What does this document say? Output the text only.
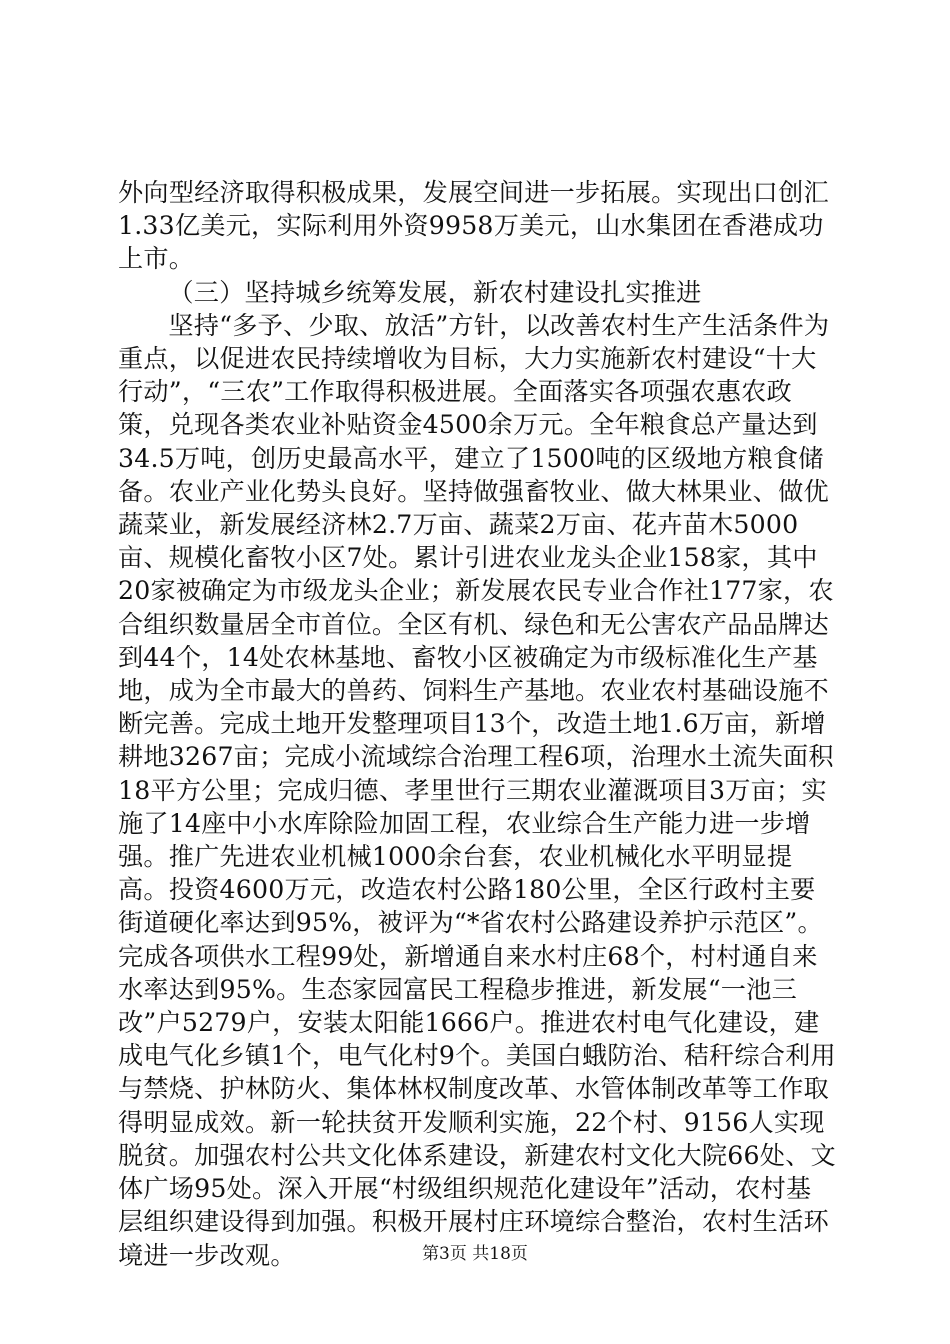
外向型经济取得积极成果，发展空间进一步拓展。实现出口创汇1.33亿美元，实际利用外资9958万美元，山水集团在香港成功上市。

（三）坚持城乡统筹发展，新农村建设扎实推进

坚持“多予、少取、放活”方针，以改善农村生产生活条件为重点，以促进农民持续增收为目标，大力实施新农村建设“十大行动”，“三农”工作取得积极进展。全面落实各项强农惠农政策，兑现各类农业补贴资金4500余万元。全年粮食总产量达到34.5万吨，创历史最高水平，建立了1500吨的区级地方粮食储备。农业产业化势头良好。坚持做强畜牧业、做大林果业、做优蔬菜业，新发展经济林2.7万亩、蔬菜2万亩、花卉苗木5000亩、规模化畜牧小区7处。累计引进农业龙头企业158家，其中20家被确定为市级龙头企业；新发展农民专业合作社177家，农合组织数量居全市首位。全区有机、绿色和无公害农产品品牌达到44个，14处农林基地、畜牧小区被确定为市级标准化生产基地，成为全市最大的兽药、饲料生产基地。农业农村基础设施不断完善。完成土地开发整理项目13个，改造土地1.6万亩，新增耕地3267亩；完成小流域综合治理工程6项，治理水土流失面积18平方公里；完成归德、孝里世行三期农业灌溉项目3万亩；实施了14座中小水库除险加固工程，农业综合生产能力进一步增强。推广先进农业机械1000余台套，农业机械化水平明显提高。投资4600万元，改造农村公路180公里，全区行政村主要街道硬化率达到95%，被评为“*省农村公路建设养护示范区”。完成各项供水工程99处，新增通自来水村庄68个，村村通自来水率达到95%。生态家园富民工程稳步推进，新发展“一池三改”户5279户，安装太阳能1666户。推进农村电气化建设，建成电气化乡镇1个，电气化村9个。美国白蛾防治、秸秆综合利用与禁烧、护林防火、集体林权制度改革、水管体制改革等工作取得明显成效。新一轮扶贫开发顺利实施，22个村、9156人实现脱贫。加强农村公共文化体系建设，新建农村文化大院66处、文体广场95处。深入开展“村级组织规范化建设年”活动，农村基层组织建设得到加强。积极开展村庄环境综合整治，农村生活环境进一步改观。	第3页 共18页
